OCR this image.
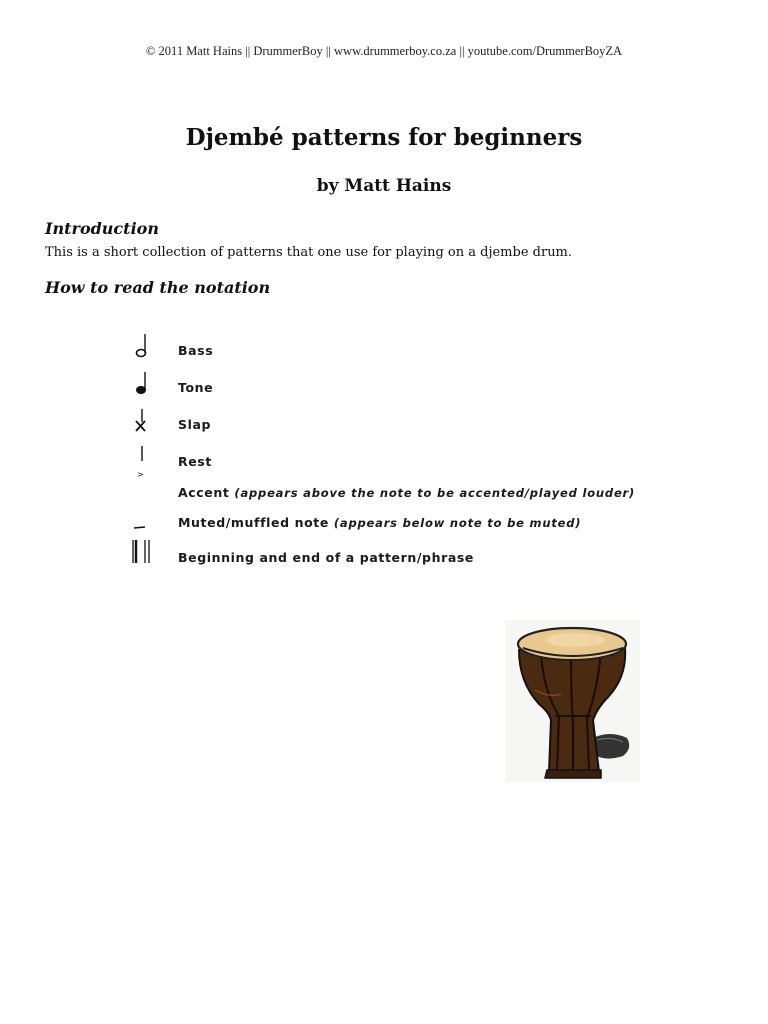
© 2011 Matt Hains || DrummerBoy || www.drummerboy.co.za || youtube.com/DrummerBoyZA
Djembé patterns for beginners

by Matt Hains

Introduction
This is a short collection of patterns that one use for playing on a djembe drum.
How to read the notation
>
Bass
Tone
Slap
Rest
Accent (appears above the note to be accented/played louder)
Muted/muffled note (appears below note to be muted)
Beginning and end of a pattern/phrase
